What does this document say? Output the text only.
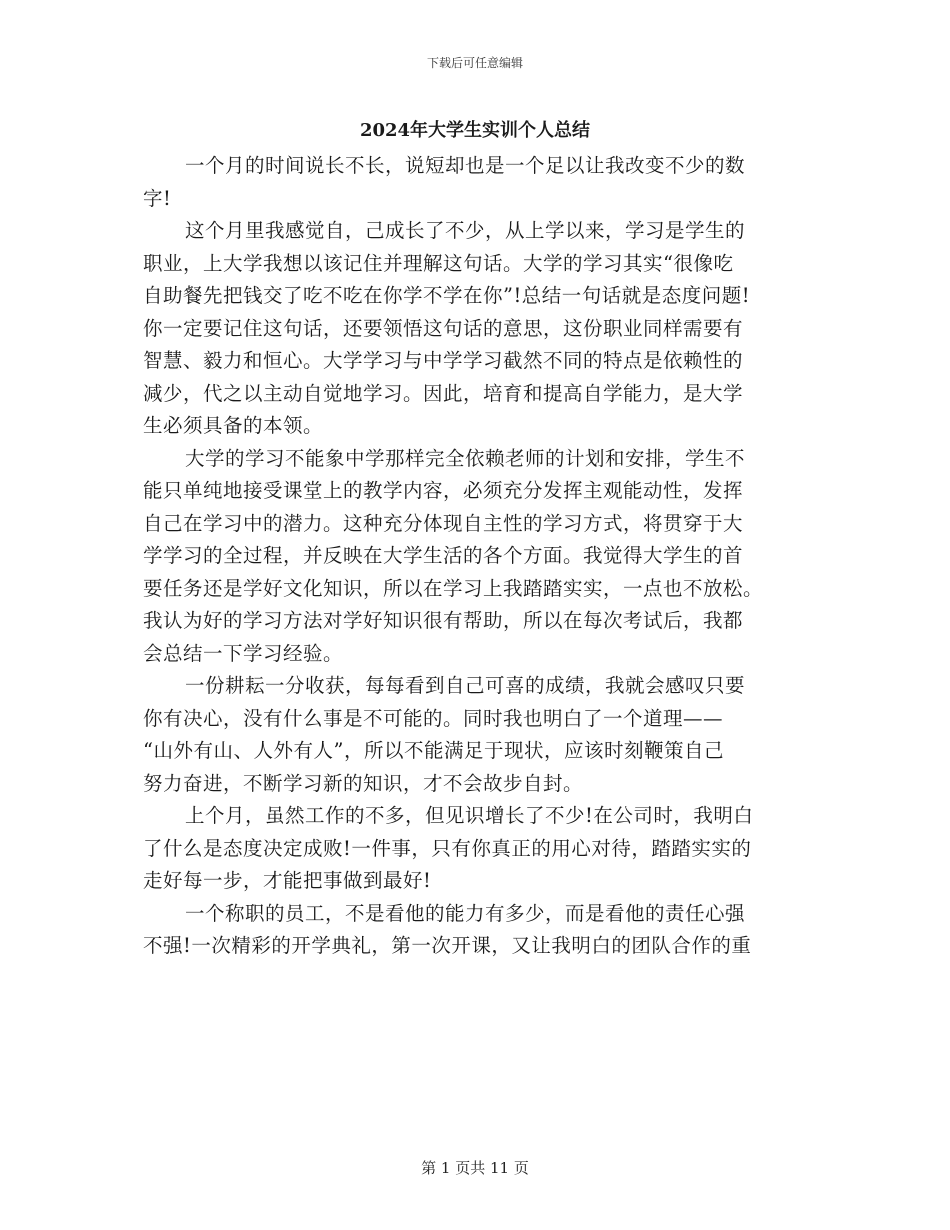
下载后可任意编辑
2024年大学生实训个人总结
一个月的时间说长不长，说短却也是一个足以让我改变不少的数
字!
这个月里我感觉自，己成长了不少，从上学以来，学习是学生的
职业，上大学我想以该记住并理解这句话。大学的学习其实“很像吃
自助餐先把钱交了吃不吃在你学不学在你”!总结一句话就是态度问题!
你一定要记住这句话，还要领悟这句话的意思，这份职业同样需要有
智慧、毅力和恒心。大学学习与中学学习截然不同的特点是依赖性的
减少，代之以主动自觉地学习。因此，培育和提高自学能力，是大学
生必须具备的本领。
大学的学习不能象中学那样完全依赖老师的计划和安排，学生不
能只单纯地接受课堂上的教学内容，必须充分发挥主观能动性，发挥
自己在学习中的潜力。这种充分体现自主性的学习方式，将贯穿于大
学学习的全过程，并反映在大学生活的各个方面。我觉得大学生的首
要任务还是学好文化知识，所以在学习上我踏踏实实，一点也不放松。
我认为好的学习方法对学好知识很有帮助，所以在每次考试后，我都
会总结一下学习经验。
一份耕耘一分收获，每每看到自己可喜的成绩，我就会感叹只要
你有决心，没有什么事是不可能的。同时我也明白了一个道理——
“山外有山、人外有人”，所以不能满足于现状，应该时刻鞭策自己
努力奋进，不断学习新的知识，才不会故步自封。
上个月，虽然工作的不多，但见识增长了不少!在公司时，我明白
了什么是态度决定成败!一件事，只有你真正的用心对待，踏踏实实的
走好每一步，才能把事做到最好!
一个称职的员工，不是看他的能力有多少，而是看他的责任心强
不强!一次精彩的开学典礼，第一次开课，又让我明白的团队合作的重
第 1 页共 11 页
